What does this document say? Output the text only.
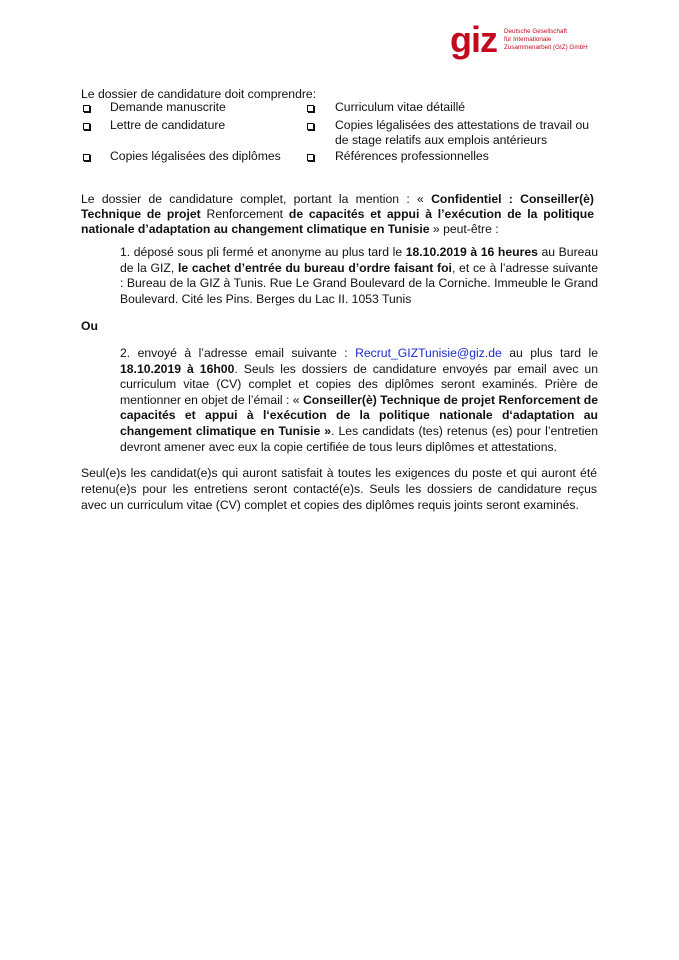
giz Deutsche Gesellschaft
für Internationale
Zusammenarbeit (GIZ) GmbH
Le dossier de candidature doit comprendre:
Demande manuscrite
Lettre de candidature
Copies légalisées des diplômes
Curriculum vitae détaillé
Copies légalisées des attestations de travail ou de stage relatifs aux emplois antérieurs
Références professionnelles
Le dossier de candidature complet, portant la mention : « Confidentiel : Conseiller(è) Technique de projet Renforcement de capacités et appui à l’exécution de la politique nationale d’adaptation au changement climatique en Tunisie » peut-être :
1. déposé sous pli fermé et anonyme au plus tard le 18.10.2019 à 16 heures au Bureau de la GIZ, le cachet d’entrée du bureau d’ordre faisant foi, et ce à l’adresse suivante : Bureau de la GIZ à Tunis. Rue Le Grand Boulevard de la Corniche. Immeuble le Grand Boulevard. Cité les Pins. Berges du Lac II. 1053 Tunis
Ou
2. envoyé à l’adresse email suivante : Recrut_GIZTunisie@giz.de au plus tard le 18.10.2019 à 16h00. Seuls les dossiers de candidature envoyés par email avec un curriculum vitae (CV) complet et copies des diplômes seront examinés. Prière de mentionner en objet de l’émail : « Conseiller(è) Technique de projet Renforcement de capacités et appui à l‘exécution de la politique nationale d‘adaptation au changement climatique en Tunisie ». Les candidats (tes) retenus (es) pour l’entretien devront amener avec eux la copie certifiée de tous leurs diplômes et attestations.
Seul(e)s les candidat(e)s qui auront satisfait à toutes les exigences du poste et qui auront été retenu(e)s pour les entretiens seront contacté(e)s. Seuls les dossiers de candidature reçus avec un curriculum vitae (CV) complet et copies des diplômes requis joints seront examinés.
